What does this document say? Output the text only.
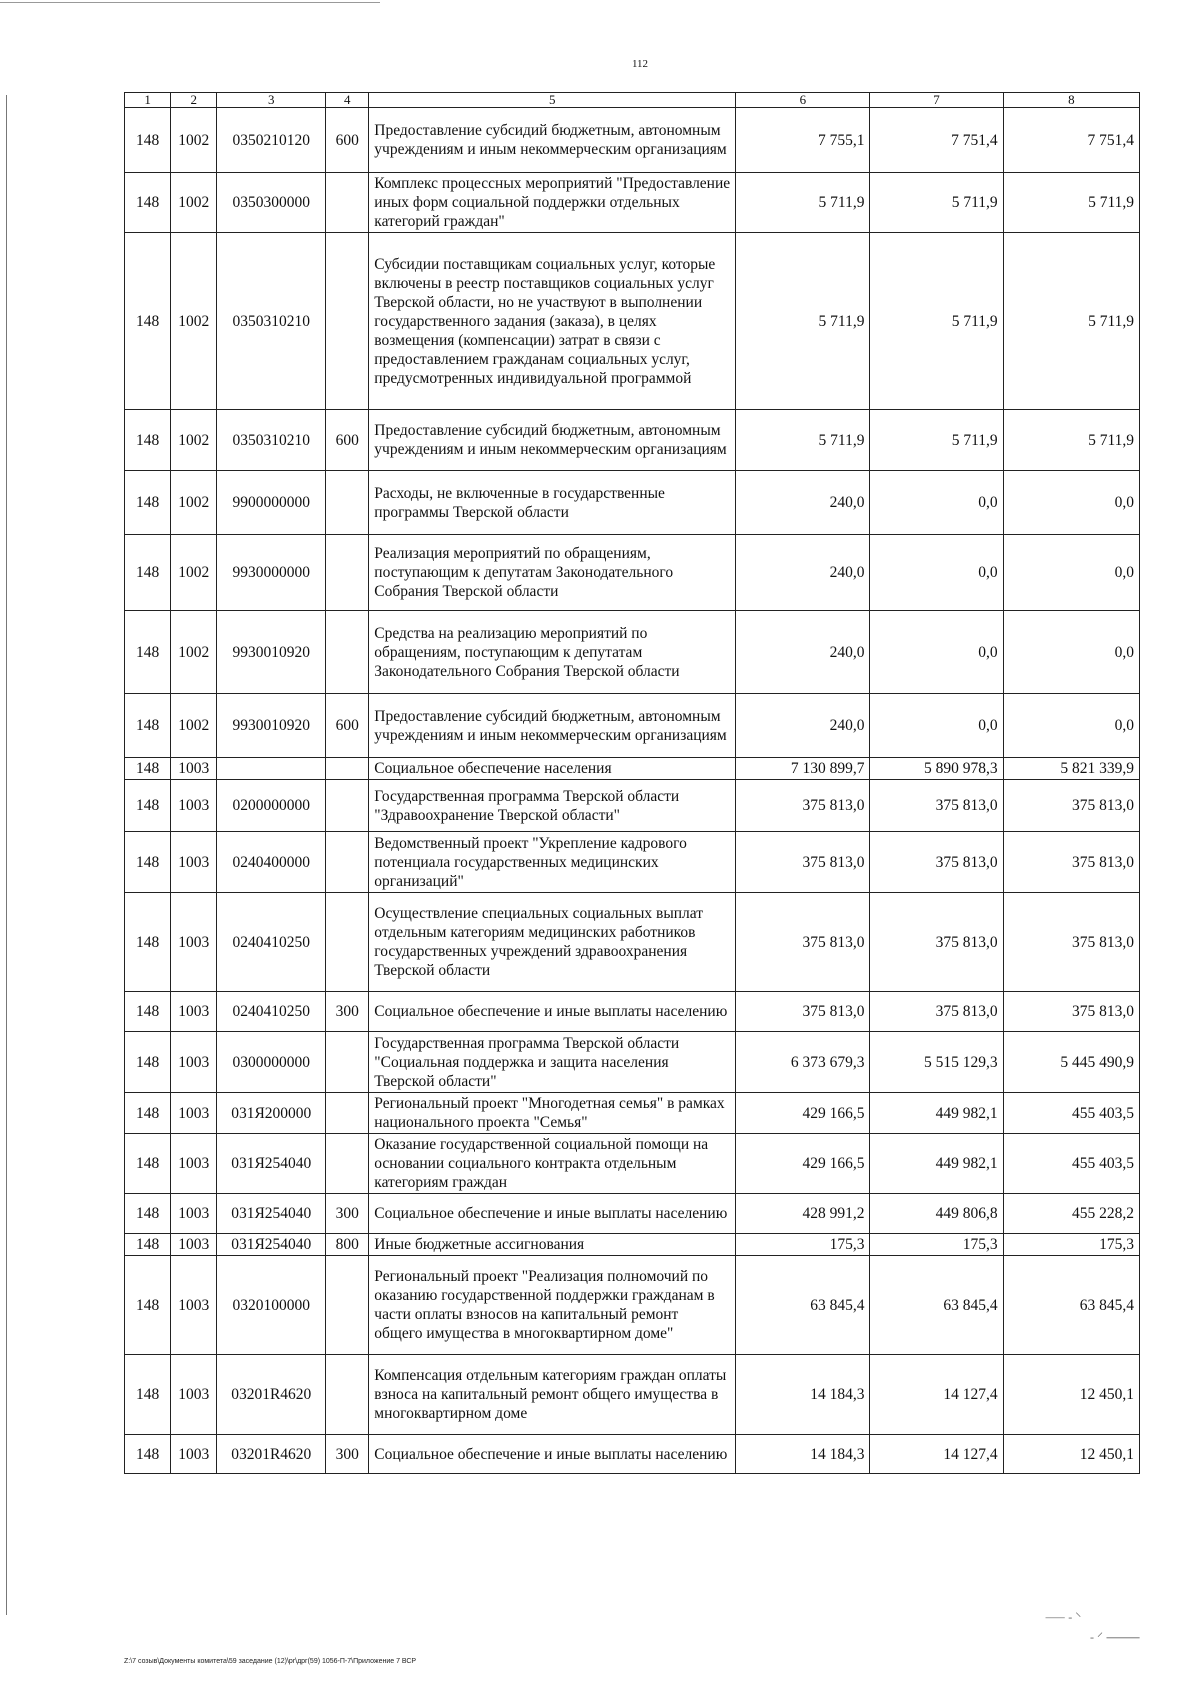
112
1	2	3	4	5	6	7	8
148	1002	0350210120	600	Предоставление субсидий бюджетным, автономным учреждениям и иным некоммерческим организациям	7 755,1	7 751,4	7 751,4
148	1002	0350300000		Комплекс процессных мероприятий "Предоставление иных форм социальной поддержки отдельных категорий граждан"	5 711,9	5 711,9	5 711,9
148	1002	0350310210		Субсидии поставщикам социальных услуг, которые включены в реестр поставщиков социальных услуг Тверской области, но не участвуют в выполнении государственного задания (заказа), в целях возмещения (компенсации) затрат в связи с предоставлением гражданам социальных услуг, предусмотренных индивидуальной программой	5 711,9	5 711,9	5 711,9
148	1002	0350310210	600	Предоставление субсидий бюджетным, автономным учреждениям и иным некоммерческим организациям	5 711,9	5 711,9	5 711,9
148	1002	9900000000		Расходы, не включенные в государственные программы Тверской области	240,0	0,0	0,0
148	1002	9930000000		Реализация мероприятий по обращениям, поступающим к депутатам Законодательного Собрания Тверской области	240,0	0,0	0,0
148	1002	9930010920		Средства на реализацию мероприятий по обращениям, поступающим к депутатам Законодательного Собрания Тверской области	240,0	0,0	0,0
148	1002	9930010920	600	Предоставление субсидий бюджетным, автономным учреждениям и иным некоммерческим организациям	240,0	0,0	0,0
148	1003			Социальное обеспечение населения	7 130 899,7	5 890 978,3	5 821 339,9
148	1003	0200000000		Государственная программа Тверской области "Здравоохранение Тверской области"	375 813,0	375 813,0	375 813,0
148	1003	0240400000		Ведомственный проект "Укрепление кадрового потенциала государственных медицинских организаций"	375 813,0	375 813,0	375 813,0
148	1003	0240410250		Осуществление специальных социальных выплат отдельным категориям медицинских работников государственных учреждений здравоохранения Тверской области	375 813,0	375 813,0	375 813,0
148	1003	0240410250	300	Социальное обеспечение и иные выплаты населению	375 813,0	375 813,0	375 813,0
148	1003	0300000000		Государственная программа Тверской области "Социальная поддержка и защита населения Тверской области"	6 373 679,3	5 515 129,3	5 445 490,9
148	1003	031Я200000		Региональный проект "Многодетная семья" в рамках национального проекта "Семья"	429 166,5	449 982,1	455 403,5
148	1003	031Я254040		Оказание государственной социальной помощи на основании социального контракта отдельным категориям граждан	429 166,5	449 982,1	455 403,5
148	1003	031Я254040	300	Социальное обеспечение и иные выплаты населению	428 991,2	449 806,8	455 228,2
148	1003	031Я254040	800	Иные бюджетные ассигнования	175,3	175,3	175,3
148	1003	0320100000		Региональный проект "Реализация полномочий по оказанию государственной поддержки гражданам в части оплаты взносов на капитальный ремонт общего имущества в многоквартирном доме"	63 845,4	63 845,4	63 845,4
148	1003	03201R4620		Компенсация отдельным категориям граждан оплаты взноса на капитальный ремонт общего имущества в многоквартирном доме	14 184,3	14 127,4	12 450,1
148	1003	03201R4620	300	Социальное обеспечение и иные выплаты населению	14 184,3	14 127,4	12 450,1
Z:\7 созыв\Документы комитета\59 заседание (12)\pr\дрг(59) 1056-П-7\Приложение 7 ВСР
⸺ ‐ ⸌
‐ ⸍ ⸻
